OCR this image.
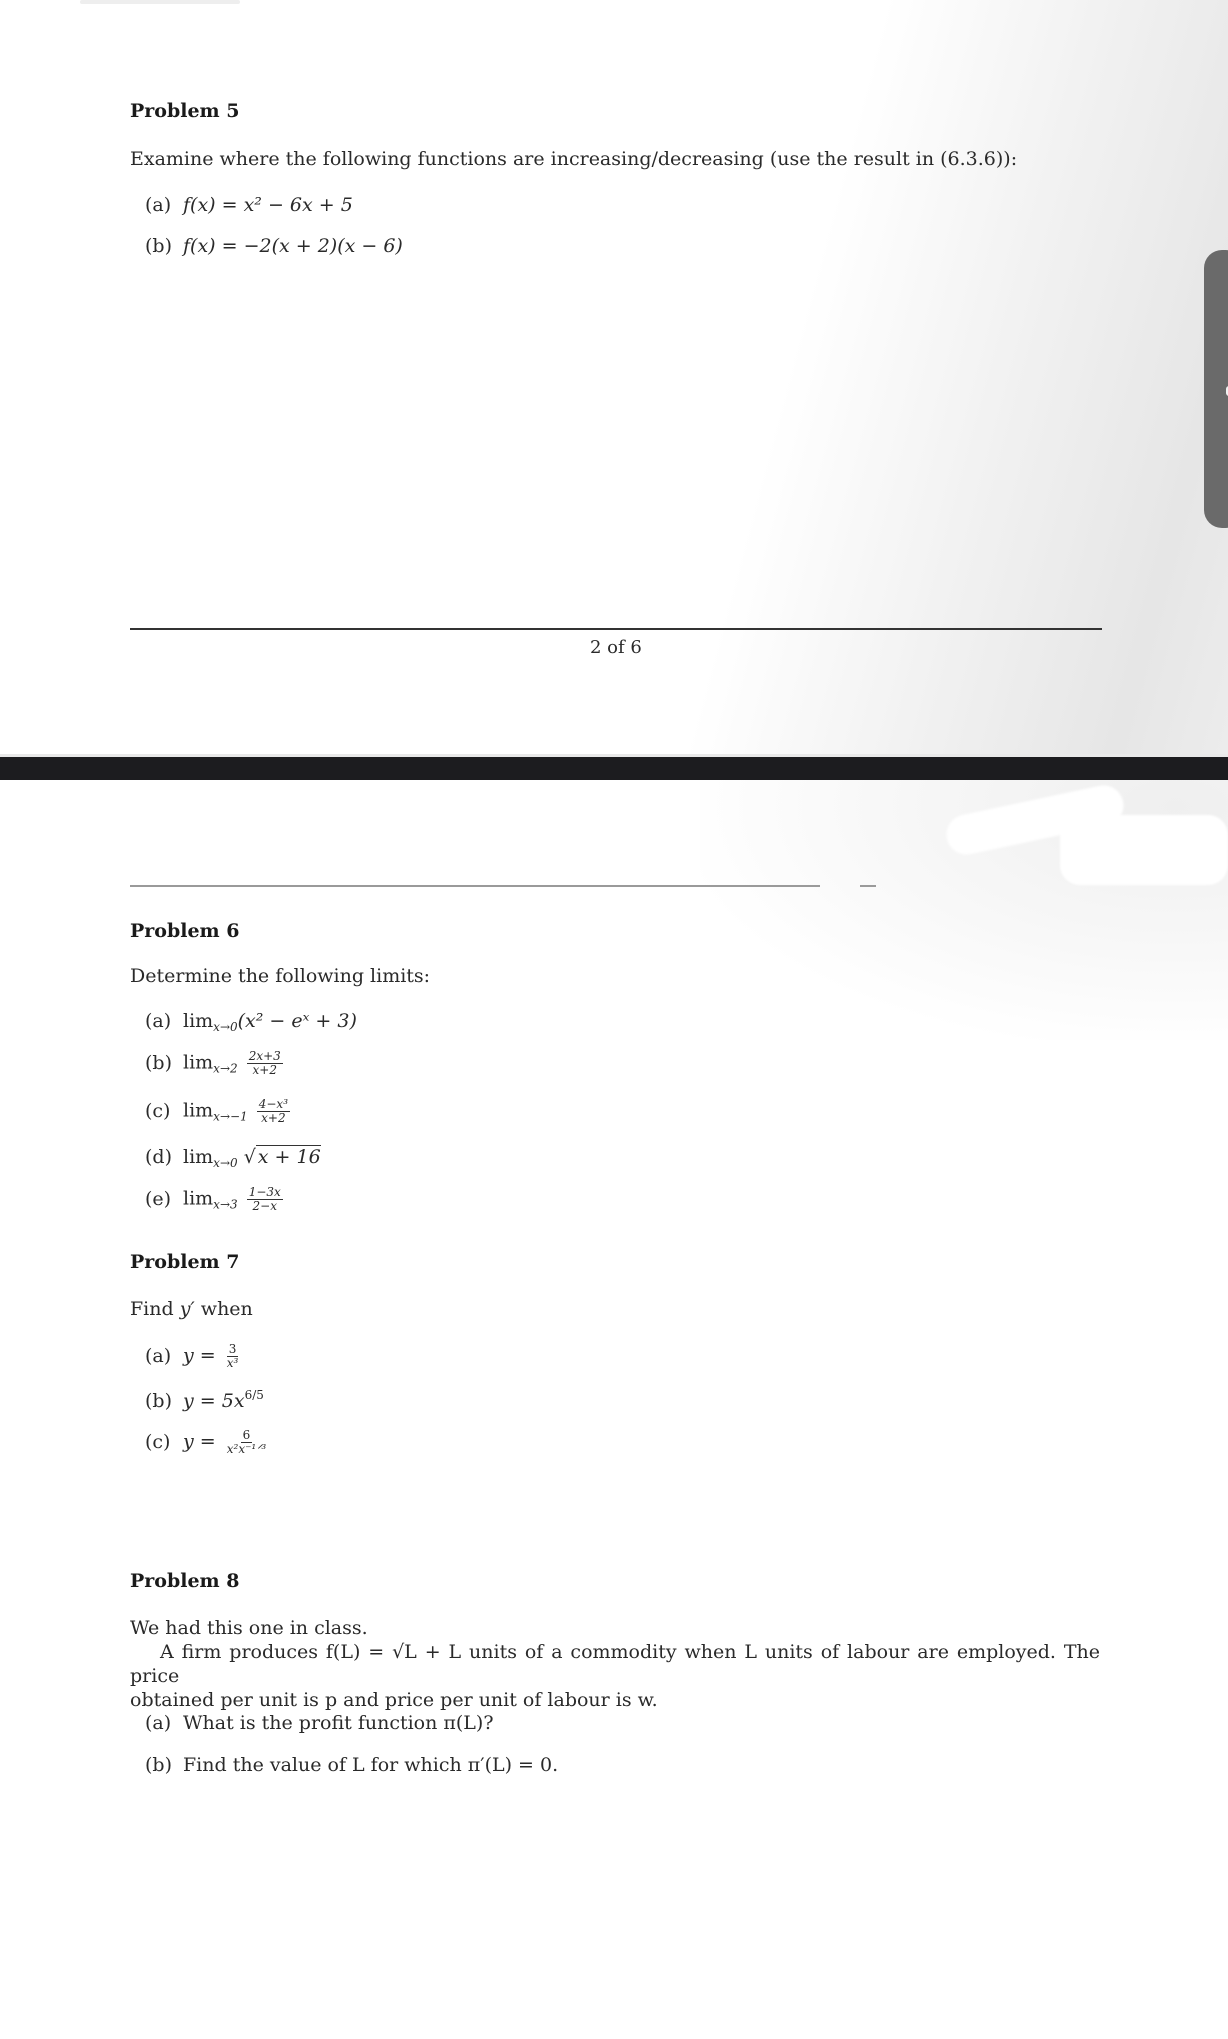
Problem 5
Examine where the following functions are increasing/decreasing (use the result in (6.3.6)):
(a) f(x) = x² − 6x + 5
(b) f(x) = −2(x + 2)(x − 6)
2 of 6
Problem 6
Determine the following limits:
(a) $\lim_{x\to 0}(x^2$ − eˣ + 3)
(b) $\lim_{x\to 2} \frac{2x+3}{x+2}$
(c) $\lim_{x\to-1} \frac{\text{4−x³}}{x+2}$
(d) $\lim_{x\to 0}$ √ x + 16
(e) $\lim_{x\to 3} \frac{1-3x}{2-x}$
Problem 7
Find y′ when
(a) $y = \frac{3}{\text{x³}}$
(b) $y = 5x^{6/5}$
(c) $y = \frac{6}{\text{x²x⁻¹ᐟ³}}$
Problem 8
We had this one in class.
A firm produces f(L) = √L + L units of a commodity when L units of labour are employed. The price
obtained per unit is p and price per unit of labour is w.
(a) What is the profit function π(L)?
(b) Find the value of L for which π′(L) = 0.
